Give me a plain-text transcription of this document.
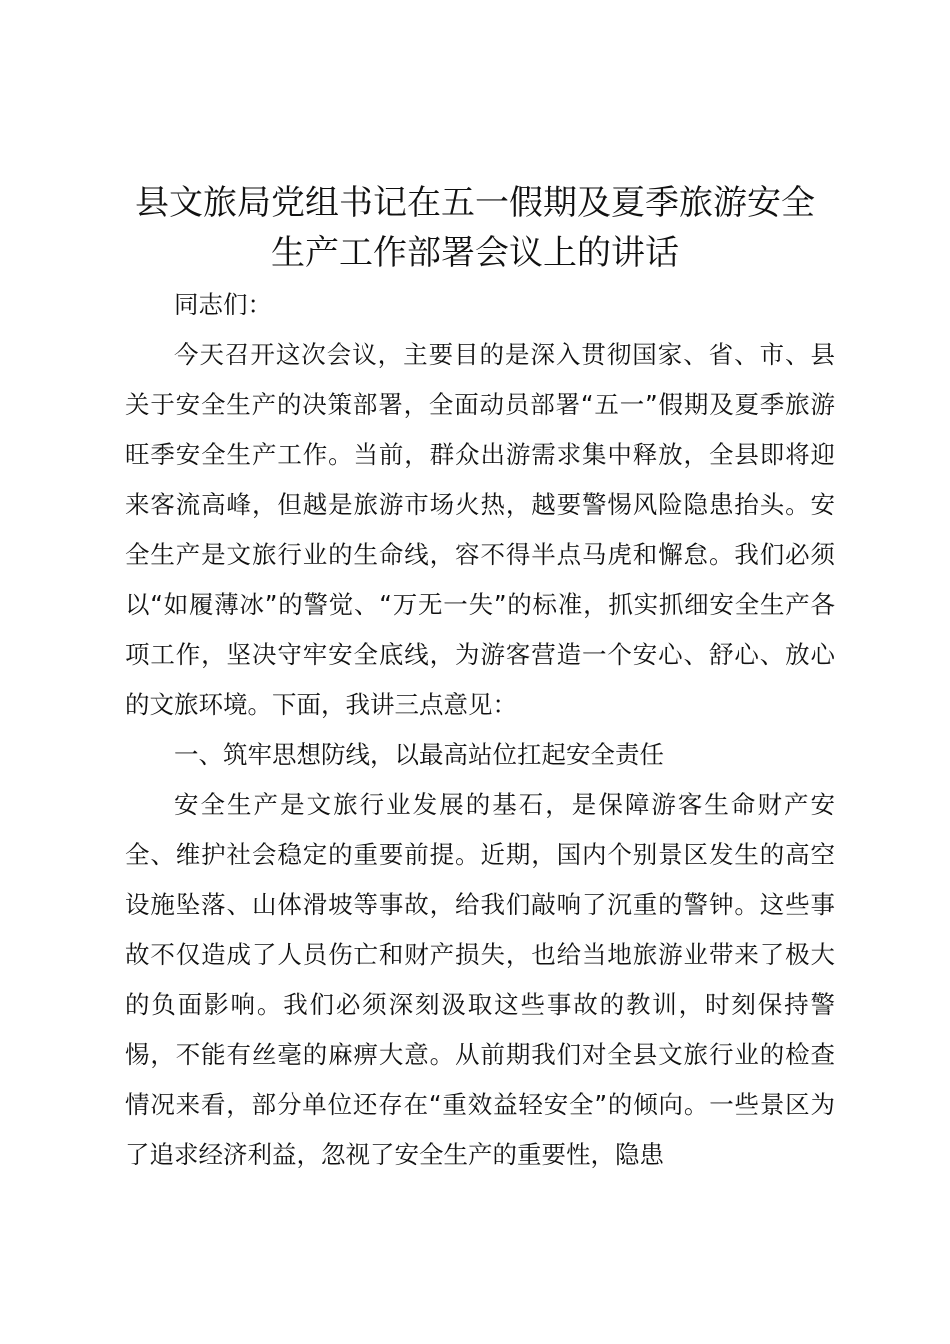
县文旅局党组书记在五一假期及夏季旅游安全
生产工作部署会议上的讲话

同志们：

今天召开这次会议，主要目的是深入贯彻国家、省、市、县关于安全生产的决策部署，全面动员部署“五一”假期及夏季旅游旺季安全生产工作。当前，群众出游需求集中释放，全县即将迎来客流高峰，但越是旅游市场火热，越要警惕风险隐患抬头。安全生产是文旅行业的生命线，容不得半点马虎和懈怠。我们必须以“如履薄冰”的警觉、“万无一失”的标准，抓实抓细安全生产各项工作，坚决守牢安全底线，为游客营造一个安心、舒心、放心的文旅环境。下面，我讲三点意见：

一、筑牢思想防线，以最高站位扛起安全责任

安全生产是文旅行业发展的基石，是保障游客生命财产安全、维护社会稳定的重要前提。近期，国内个别景区发生的高空设施坠落、山体滑坡等事故，给我们敲响了沉重的警钟。这些事故不仅造成了人员伤亡和财产损失，也给当地旅游业带来了极大的负面影响。我们必须深刻汲取这些事故的教训，时刻保持警惕，不能有丝毫的麻痹大意。从前期我们对全县文旅行业的检查情况来看，部分单位还存在“重效益轻安全”的倾向。一些景区为了追求经济利益，忽视了安全生产的重要性，隐患
